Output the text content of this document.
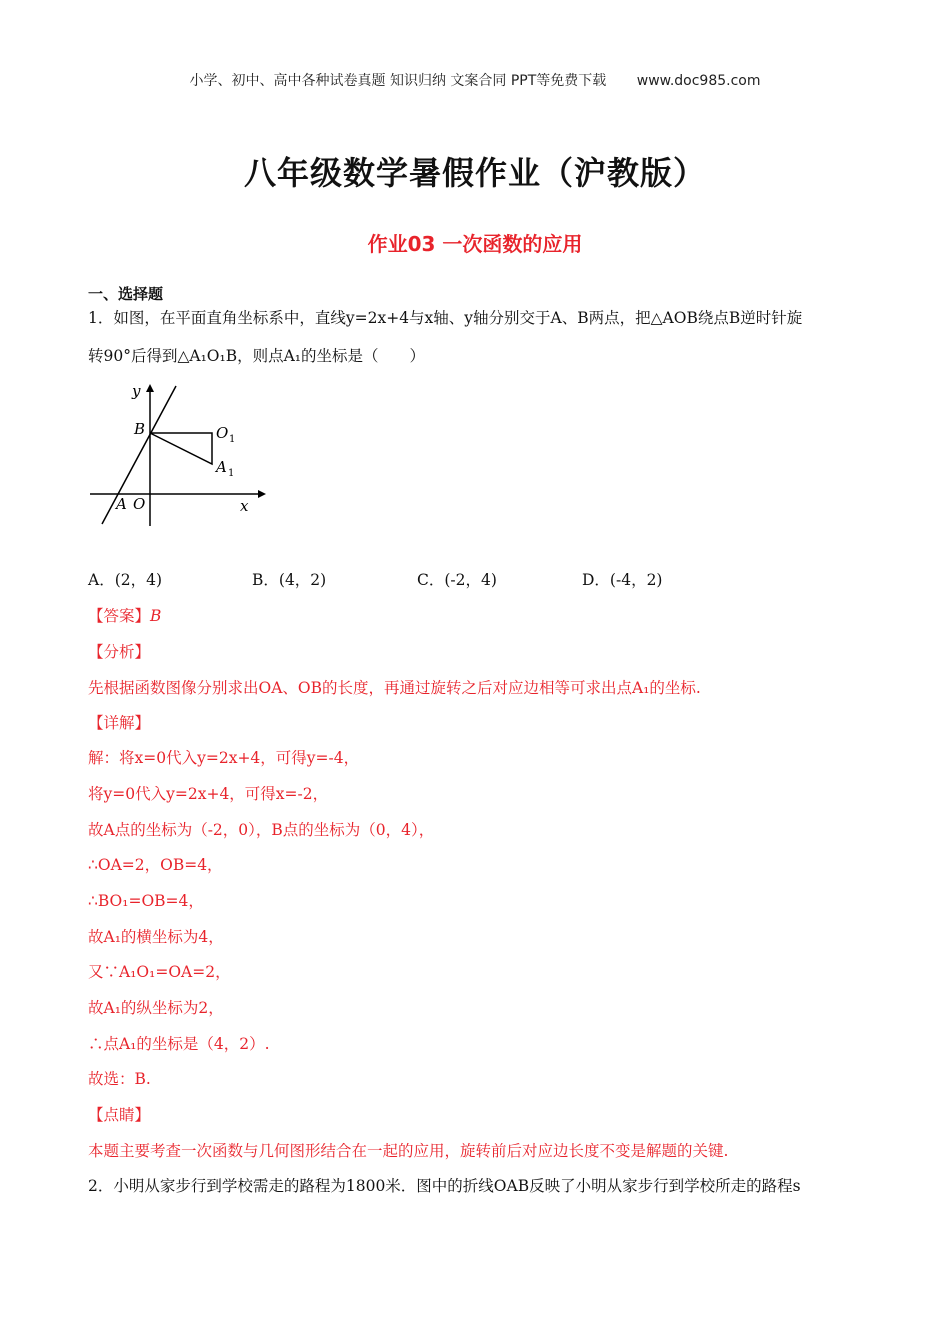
小学、初中、高中各种试卷真题 知识归纳 文案合同 PPT等免费下载 www.doc985.com
八年级数学暑假作业（沪教版）
作业03 一次函数的应用
一、选择题
1．如图，在平面直角坐标系中，直线y=2x+4与x轴、y轴分别交于A、B两点，把△AOB绕点B逆时针旋
转90°后得到△A₁O₁B，则点A₁的坐标是（　　）
y
x
B	O 1
A 1
A O
A．(2，4)	B．(4，2)	C．(-2，4)	D．(-4，2)
【答案】B
【分析】
先根据函数图像分别求出OA、OB的长度，再通过旋转之后对应边相等可求出点A₁的坐标.
【详解】
解：将x=0代入y=2x+4，可得y=-4，
将y=0代入y=2x+4，可得x=-2，
故A点的坐标为（-2，0），B点的坐标为（0，4），
∴OA=2，OB=4，
∴BO₁=OB=4，
故A₁的横坐标为4，
又∵A₁O₁=OA=2，
故A₁的纵坐标为2，
∴点A₁的坐标是（4，2）.
故选：B.
【点睛】
本题主要考查一次函数与几何图形结合在一起的应用，旋转前后对应边长度不变是解题的关键.
2．小明从家步行到学校需走的路程为1800米．图中的折线OAB反映了小明从家步行到学校所走的路程s
